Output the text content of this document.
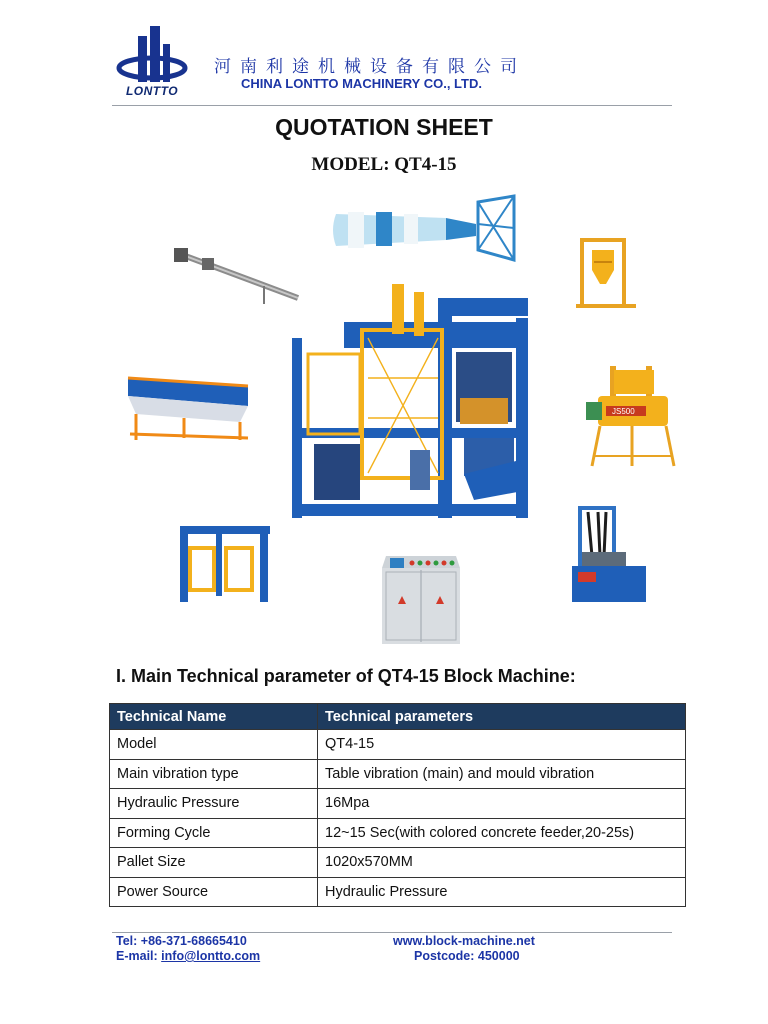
LONTTO
河南利途机械设备有限公司
CHINA LONTTO MACHINERY CO., LTD.
QUOTATION SHEET
MODEL: QT4-15
JS500
I. Main Technical parameter of QT4-15 Block Machine:
Technical Name	Technical parameters
Model	QT4-15
Main vibration type	Table vibration (main) and mould vibration
Hydraulic Pressure	16Mpa
Forming Cycle	12~15 Sec(with colored concrete feeder,20-25s)
Pallet Size	1020x570MM
Power Source	Hydraulic Pressure
Tel: +86-371-68665410
E-mail: info@lontto.com
www.block-machine.net
Postcode: 450000
